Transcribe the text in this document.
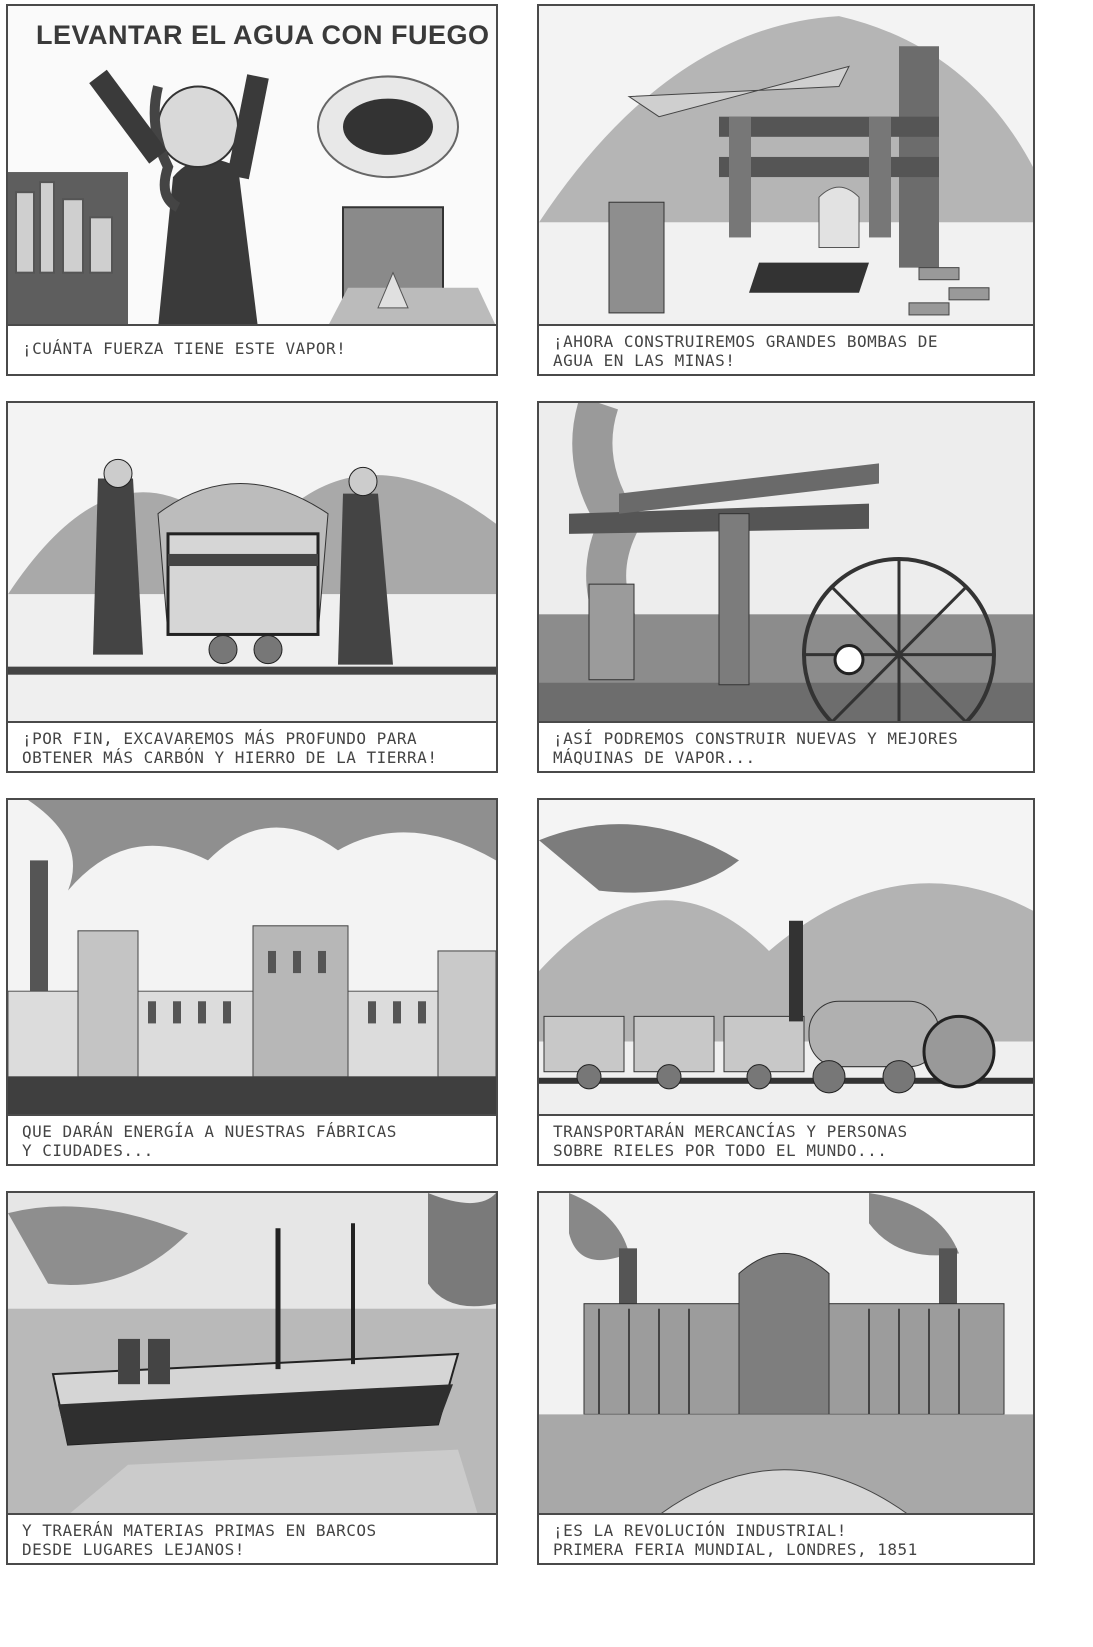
LEVANTAR EL AGUA CON FUEGO
¡CUÁNTA FUERZA TIENE ESTE VAPOR!	¡AHORA CONSTRUIREMOS GRANDES BOMBAS DE
AGUA EN LAS MINAS!
¡POR FIN, EXCAVAREMOS MÁS PROFUNDO PARA
OBTENER MÁS CARBÓN Y HIERRO DE LA TIERRA!
¡ASÍ PODREMOS CONSTRUIR NUEVAS Y MEJORES
MÁQUINAS DE VAPOR...
QUE DARÁN ENERGÍA A NUESTRAS FÁBRICAS
Y CIUDADES...
TRANSPORTARÁN MERCANCÍAS Y PERSONAS
SOBRE RIELES POR TODO EL MUNDO...
Y TRAERÁN MATERIAS PRIMAS EN BARCOS
DESDE LUGARES LEJANOS!
¡ES LA REVOLUCIÓN INDUSTRIAL!
PRIMERA FERIA MUNDIAL, LONDRES, 1851
